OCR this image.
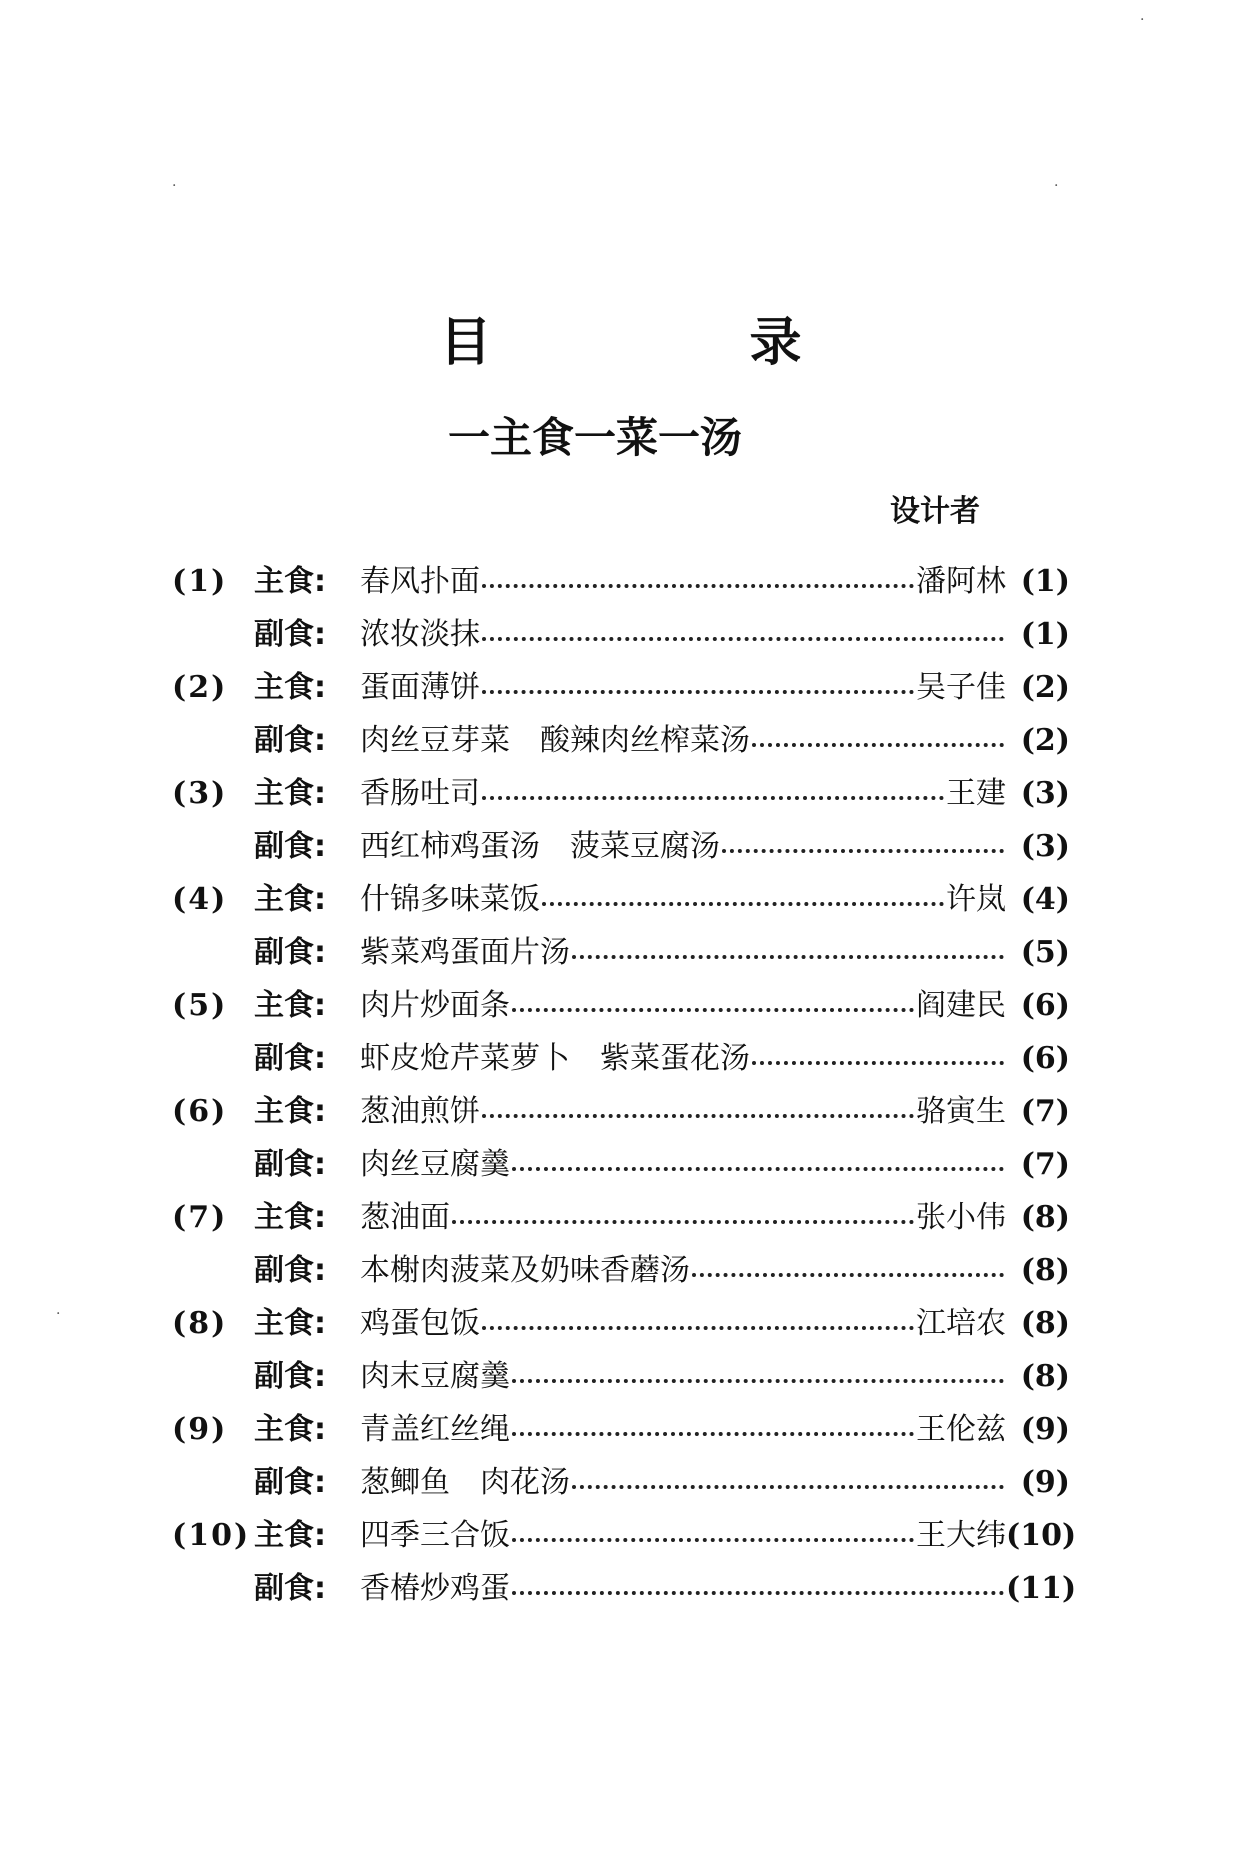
目 录
一主食一菜一汤
设计者
(1) 主食:	春风扑面	潘阿林 (1)
副食:	浓妆淡抹	(1)
(2) 主食:	蛋面薄饼	吴子佳 (2)
副食:	肉丝豆芽菜　酸辣肉丝榨菜汤	(2)
(3) 主食:	香肠吐司	王建 (3)
副食:	西红柿鸡蛋汤　菠菜豆腐汤	(3)
(4) 主食:	什锦多味菜饭	许岚 (4)
副食:	紫菜鸡蛋面片汤	(5)
(5) 主食:	肉片炒面条	阎建民 (6)
副食:	虾皮炝芹菜萝卜　紫菜蛋花汤	(6)
(6) 主食:	葱油煎饼	骆寅生 (7)
副食:	肉丝豆腐羹	(7)
(7) 主食:	葱油面	张小伟 (8)
副食:	本榭肉菠菜及奶味香蘑汤	(8)
(8) 主食:	鸡蛋包饭	江培农 (8)
副食:	肉末豆腐羹	(8)
(9) 主食:	青盖红丝绳	王伦兹 (9)
副食:	葱鲫鱼　肉花汤	(9)
(10) 主食:	四季三合饭	王大纬 (10)
副食:	香椿炒鸡蛋	(11)
·
·	·
·
